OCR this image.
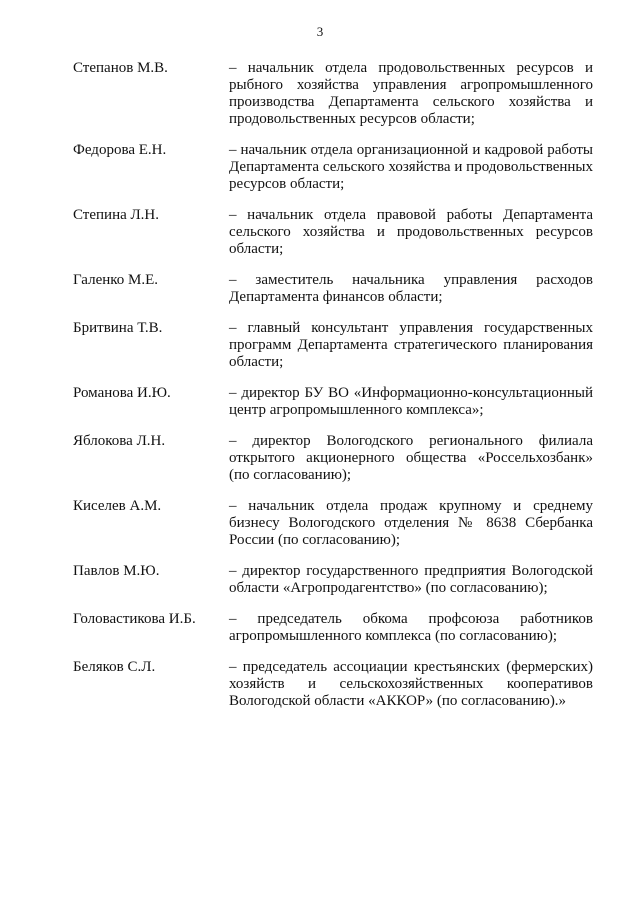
3
Степанов М.В.	– начальник отдела продовольственных ресурсов и рыбного хозяйства управления агропромышленного производства Департамента сельского хозяйства и продовольственных ресурсов области;
Федорова Е.Н.	– начальник отдела организационной и кадровой работы Департамента сельского хозяйства и продовольственных ресурсов области;
Степина Л.Н.	– начальник отдела правовой работы Департамента сельского хозяйства и продовольственных ресурсов области;
Галенко М.Е.	– заместитель начальника управления расходов Департамента финансов области;
Бритвина Т.В.	– главный консультант управления государственных программ Департамента стратегического планирования области;
Романова И.Ю.	– директор БУ ВО «Информационно-консультационный центр агропромышленного комплекса»;
Яблокова Л.Н.	– директор Вологодского регионального филиала открытого акционерного общества «Россельхозбанк» (по согласованию);
Киселев А.М.	– начальник отдела продаж крупному и среднему бизнесу Вологодского отделения № 8638 Сбербанка России (по согласованию);
Павлов М.Ю.	– директор государственного предприятия Вологодской области «Агропродагентство» (по согласованию);
Головастикова И.Б.	– председатель обкома профсоюза работников агропромышленного комплекса (по согласованию);
Беляков С.Л.	– председатель ассоциации крестьянских (фермерских) хозяйств и сельскохозяйственных кооперативов Вологодской области «АККОР» (по согласованию).»
